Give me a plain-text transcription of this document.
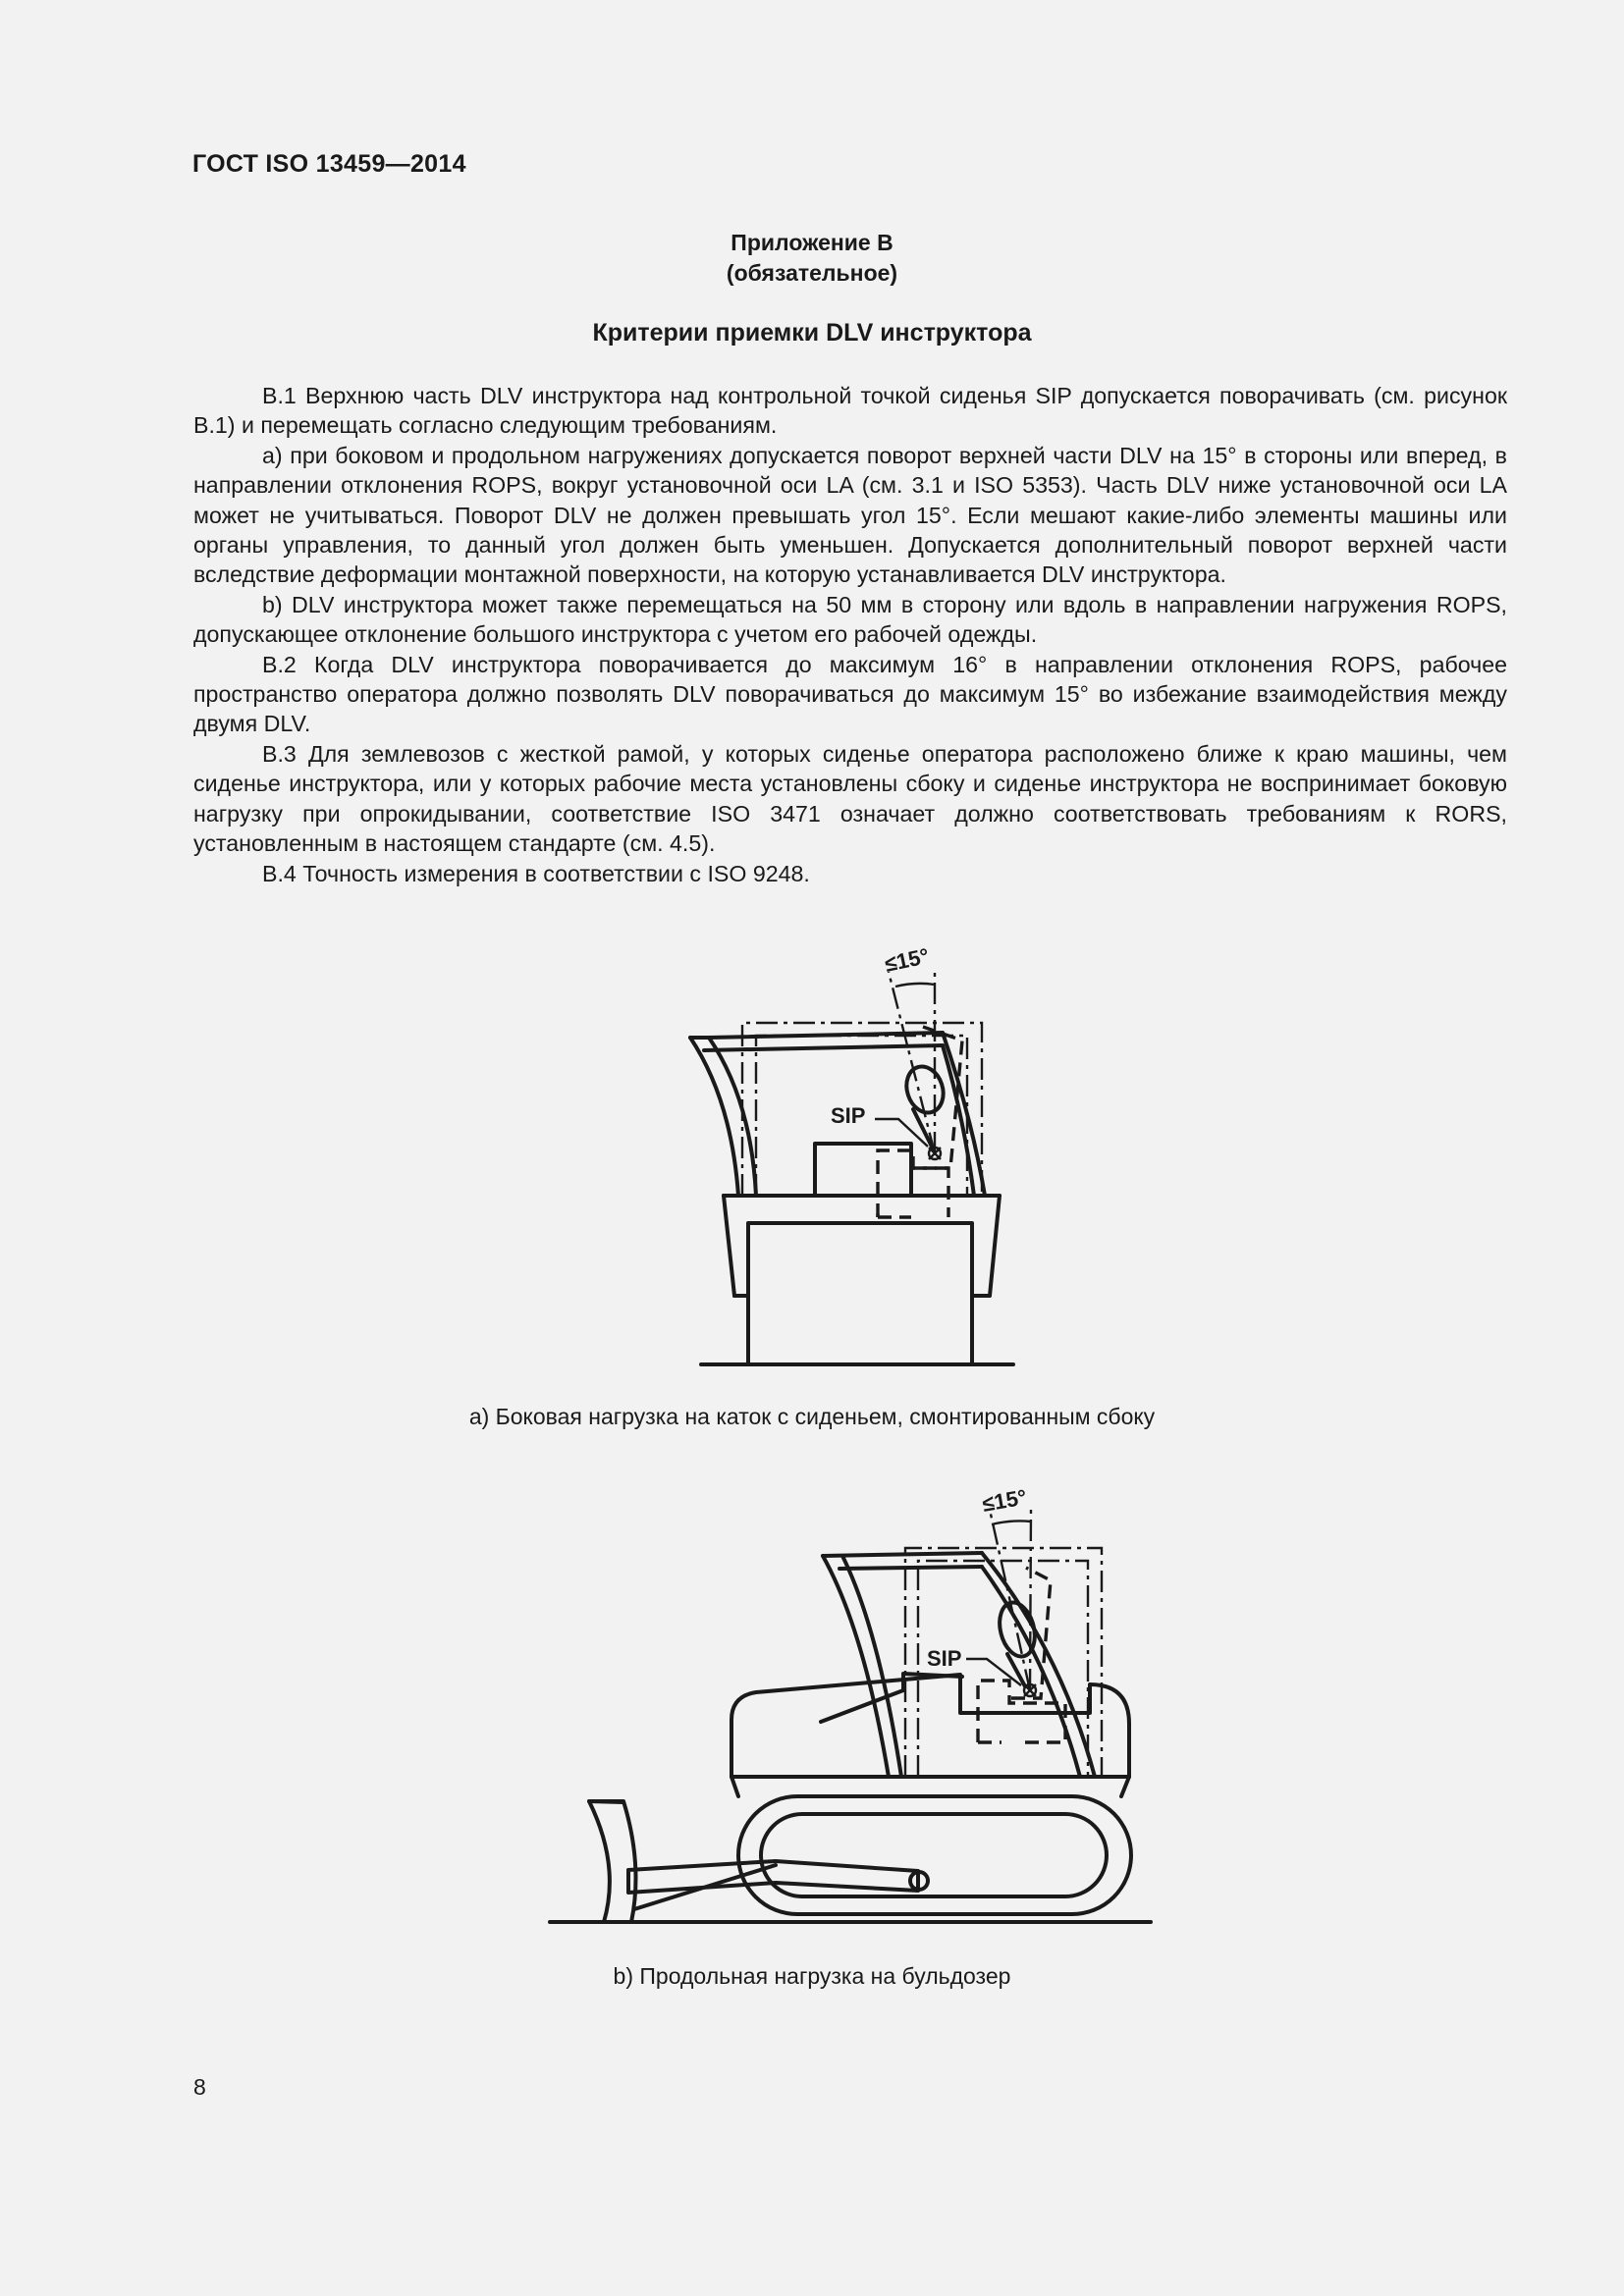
ГОСТ ISO 13459—2014
Приложение В
(обязательное)
Критерии приемки DLV инструктора

В.1 Верхнюю часть DLV инструктора над контрольной точкой сиденья SIP допускается поворачивать (см. рисунок В.1) и перемещать согласно следующим требованиям.

а) при боковом и продольном нагружениях допускается поворот верхней части DLV на 15° в стороны или вперед, в направлении отклонения ROPS, вокруг установочной оси LA (см. 3.1 и ISO 5353). Часть DLV ниже установочной оси LA может не учитываться. Поворот DLV не должен превышать угол 15°. Если мешают какие-либо элементы машины или органы управления, то данный угол должен быть уменьшен. Допускается дополнительный поворот верхней части вследствие деформации монтажной поверхности, на которую устанавливается DLV инструктора.

b) DLV инструктора может также перемещаться на 50 мм в сторону или вдоль в направлении нагружения ROPS, допускающее отклонение большого инструктора с учетом его рабочей одежды.

В.2 Когда DLV инструктора поворачивается до максимум 16° в направлении отклонения ROPS, рабочее пространство оператора должно позволять DLV поворачиваться до максимум 15° во избежание взаимодействия между двумя DLV.

В.3 Для землевозов с жесткой рамой, у которых сиденье оператора расположено ближе к краю машины, чем сиденье инструктора, или у которых рабочие места установлены сбоку и сиденье инструктора не воспринимает боковую нагрузку при опрокидывании, соответствие ISO 3471 означает должно соответствовать требованиям к RORS, установленным в настоящем стандарте (см. 4.5).

В.4 Точность измерения в соответствии с ISO 9248.

≤15°
SIP
а) Боковая нагрузка на каток с сиденьем, смонтированным сбоку
≤15°
SIP
b) Продольная нагрузка на бульдозер
8
